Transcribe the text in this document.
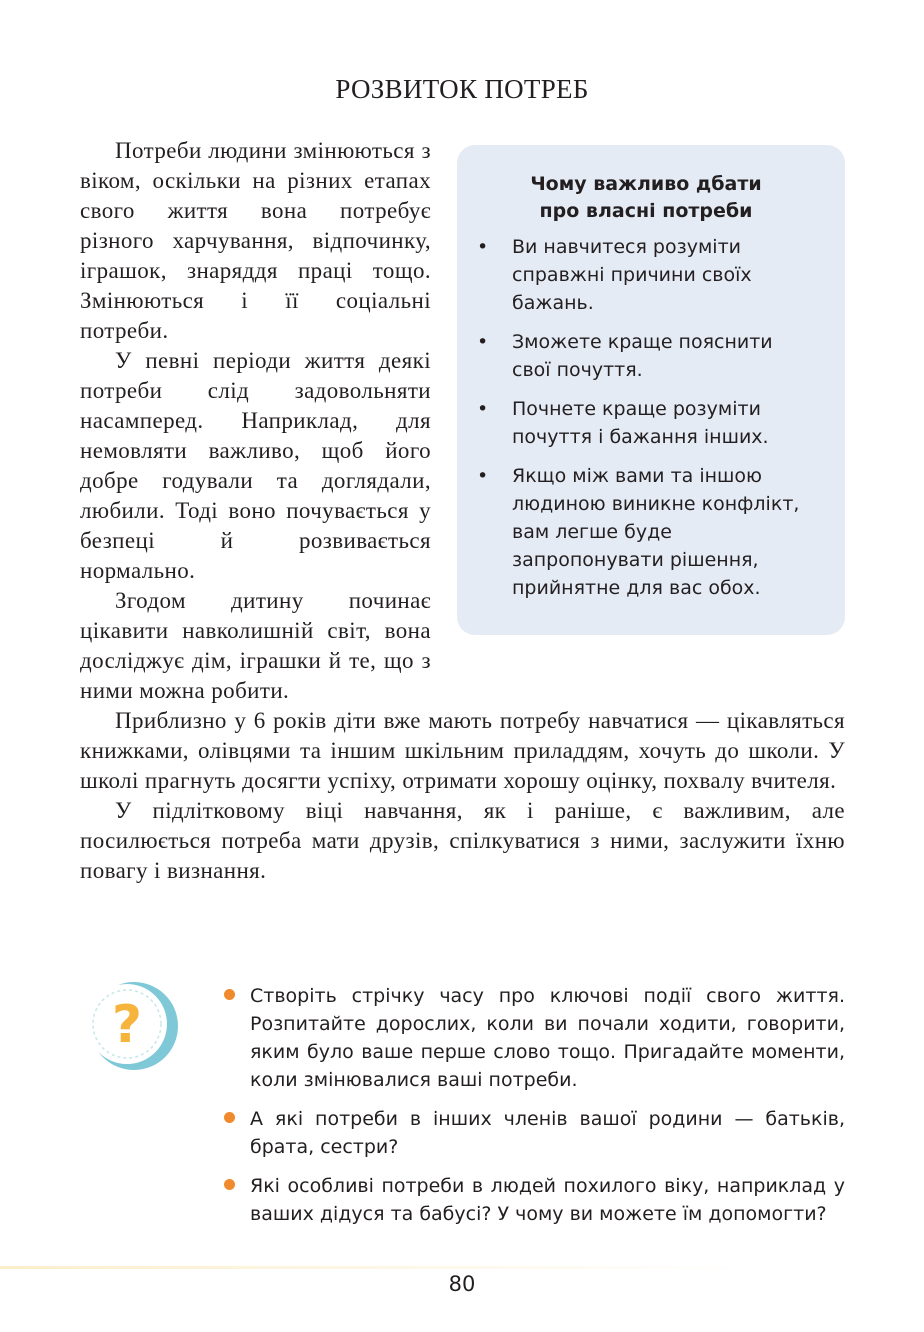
РОЗВИТОК ПОТРЕБ

Потреби людини змінюються з віком, оскільки на різних етапах свого життя вона потребує різного харчування, відпочинку, іграшок, знаряддя праці тощо. Змінюються і її соціальні потреби.

У певні періоди життя деякі потреби слід задовольняти насамперед. Наприклад, для немовляти важливо, щоб його добре годували та доглядали, любили. Тоді воно почувається у безпеці й розвивається нормально.

Згодом дитину починає цікавити навколишній світ, вона досліджує дім, іграшки й те, що з ними можна робити.

Приблизно у 6 років діти вже мають потребу навчатися — цікавляться книжками, олівцями та іншим шкільним приладдям, хочуть до школи. У школі прагнуть досягти успіху, отримати хорошу оцінку, похвалу вчителя.

У підлітковому віці навчання, як і раніше, є важливим, але посилюється потреба мати друзів, спілкуватися з ними, заслужити їхню повагу і визнання.

Чому важливо дбати
про власні потреби
• Ви навчитеся розуміти справжні причини своїх бажань.
• Зможете краще пояснити свої почуття.
• Почнете краще розуміти почуття і бажання інших.
• Якщо між вами та іншою людиною виникне конфлікт, вам легше буде запропонувати рішення, прийнятне для вас обох.
?	Створіть стрічку часу про ключові події свого життя. Розпитайте дорослих, коли ви почали ходити, говорити, яким було ваше перше слово тощо. Пригадайте моменти, коли змінювалися ваші потреби.
А які потреби в інших членів вашої родини — батьків, брата, сестри?
Які особливі потреби в людей похилого віку, наприклад у ваших дідуся та бабусі? У чому ви можете їм допомогти?
80
